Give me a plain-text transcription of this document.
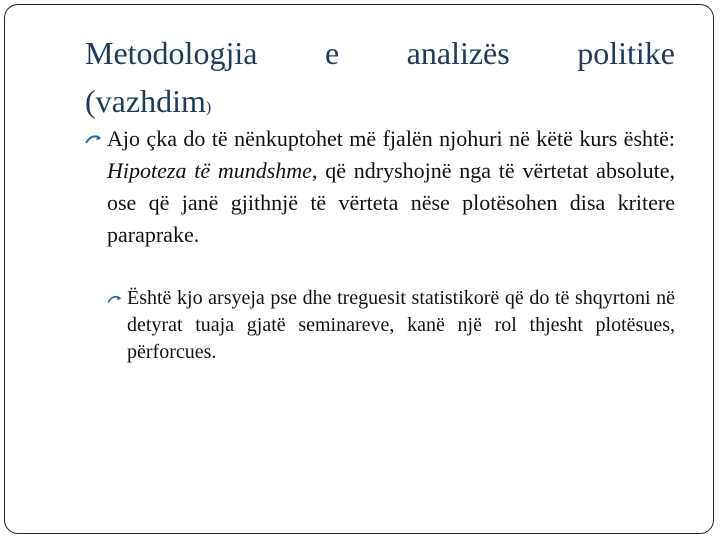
Metodologjia e analizës politike
(vazhdim)
Ajo çka do të nënkuptohet më fjalën njohuri në këtë kurs është: Hipoteza të mundshme, që ndryshojnë nga të vërtetat absolute, ose që janë gjithnjë të vërteta nëse plotësohen disa kritere paraprake.
Është kjo arsyeja pse dhe treguesit statistikorë që do të shqyrtoni në detyrat tuaja gjatë seminareve, kanë një rol thjesht plotësues, përforcues.
